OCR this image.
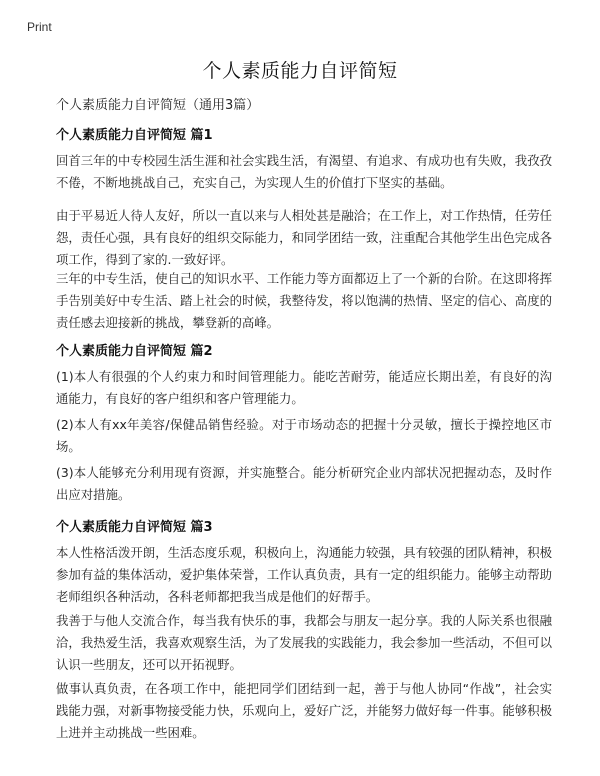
Print
个人素质能力自评简短

个人素质能力自评简短（通用3篇）

个人素质能力自评简短 篇1

回首三年的中专校园生活生涯和社会实践生活，有渴望、有追求、有成功也有失败，我孜孜不倦，不断地挑战自己，充实自己，为实现人生的价值打下坚实的基础。

由于平易近人待人友好，所以一直以来与人相处甚是融洽；在工作上，对工作热情，任劳任怨，责任心强，具有良好的组织交际能力，和同学团结一致，注重配合其他学生出色完成各项工作，得到了家的.一致好评。

三年的中专生活，使自己的知识水平、工作能力等方面都迈上了一个新的台阶。在这即将挥手告别美好中专生活、踏上社会的时候，我整待发，将以饱满的热情、坚定的信心、高度的责任感去迎接新的挑战，攀登新的高峰。

个人素质能力自评简短 篇2

(1)本人有很强的个人约束力和时间管理能力。能吃苦耐劳，能适应长期出差，有良好的沟通能力，有良好的客户组织和客户管理能力。

(2)本人有xx年美容/保健品销售经验。对于市场动态的把握十分灵敏，擅长于操控地区市场。

(3)本人能够充分利用现有资源，并实施整合。能分析研究企业内部状况把握动态，及时作出应对措施。

个人素质能力自评简短 篇3

本人性格活泼开朗，生活态度乐观，积极向上，沟通能力较强，具有较强的团队精神，积极参加有益的集体活动，爱护集体荣誉，工作认真负责，具有一定的组织能力。能够主动帮助老师组织各种活动，各科老师都把我当成是他们的好帮手。

我善于与他人交流合作，每当我有快乐的事，我都会与朋友一起分享。我的人际关系也很融洽，我热爱生活，我喜欢观察生活，为了发展我的实践能力，我会参加一些活动，不但可以认识一些朋友，还可以开拓视野。

做事认真负责，在各项工作中，能把同学们团结到一起，善于与他人协同“作战”，社会实践能力强，对新事物接受能力快，乐观向上，爱好广泛，并能努力做好每一件事。能够积极上进并主动挑战一些困难。
